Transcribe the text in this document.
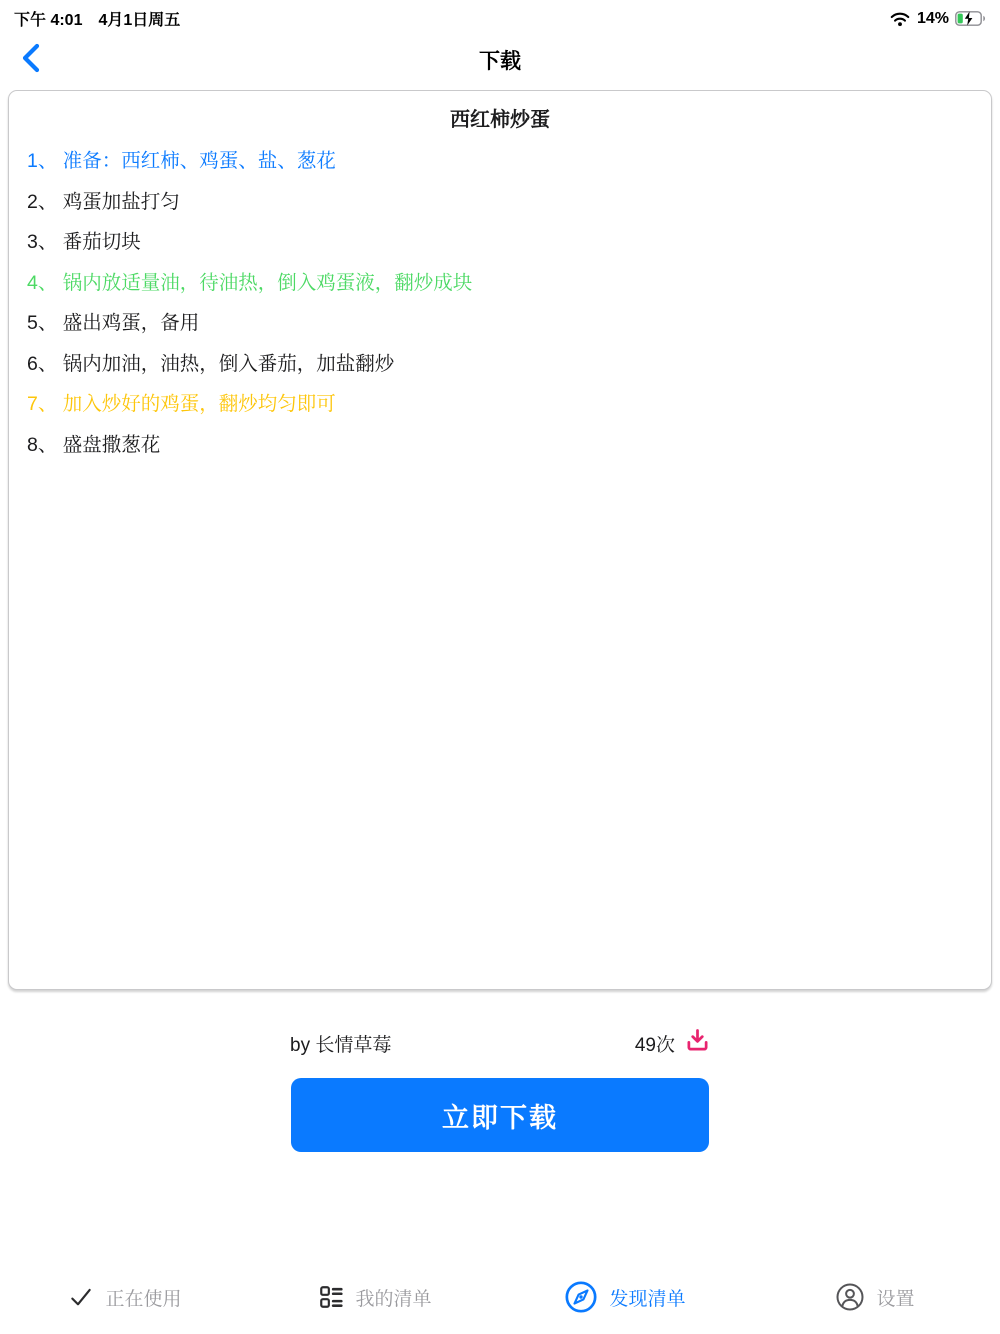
下午 4:01 4月1日周五	14%
下载
西红柿炒蛋
1、 准备：西红柿、鸡蛋、盐、葱花
2、 鸡蛋加盐打匀
3、 番茄切块
4、 锅内放适量油，待油热，倒入鸡蛋液，翻炒成块
5、 盛出鸡蛋，备用
6、 锅内加油，油热，倒入番茄，加盐翻炒
7、 加入炒好的鸡蛋，翻炒均匀即可
8、 盛盘撒葱花
by 长情草莓	49次
立即下载
正在使用	我的清单	发现清单	设置
